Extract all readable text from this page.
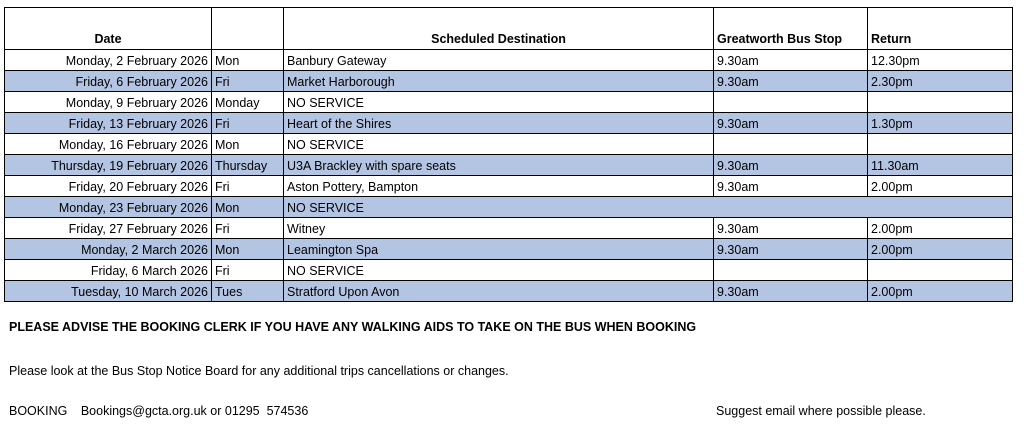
Date		Scheduled Destination	Greatworth Bus Stop	Return
Monday, 2 February 2026	Mon	Banbury Gateway	9.30am	12.30pm
Friday, 6 February 2026	Fri	Market Harborough	9.30am	2.30pm
Monday, 9 February 2026	Monday	NO SERVICE		
Friday, 13 February 2026	Fri	Heart of the Shires	9.30am	1.30pm
Monday, 16 February 2026	Mon	NO SERVICE		
Thursday, 19 February 2026	Thursday	U3A Brackley with spare seats	9.30am	11.30am
Friday, 20 February 2026	Fri	Aston Pottery, Bampton	9.30am	2.00pm
Monday, 23 February 2026	Mon	NO SERVICE		
Friday, 27 February 2026	Fri	Witney	9.30am	2.00pm
Monday, 2 March 2026	Mon	Leamington Spa	9.30am	2.00pm
Friday, 6 March 2026	Fri	NO SERVICE		
Tuesday, 10 March 2026	Tues	Stratford Upon Avon	9.30am	2.00pm
PLEASE ADVISE THE BOOKING CLERK IF YOU HAVE ANY WALKING AIDS TO TAKE ON THE BUS WHEN BOOKING
Please look at the Bus Stop Notice Board for any additional trips cancellations or changes.
BOOKING Bookings@gcta.org.uk or 01295  574536	Suggest email where possible please.
